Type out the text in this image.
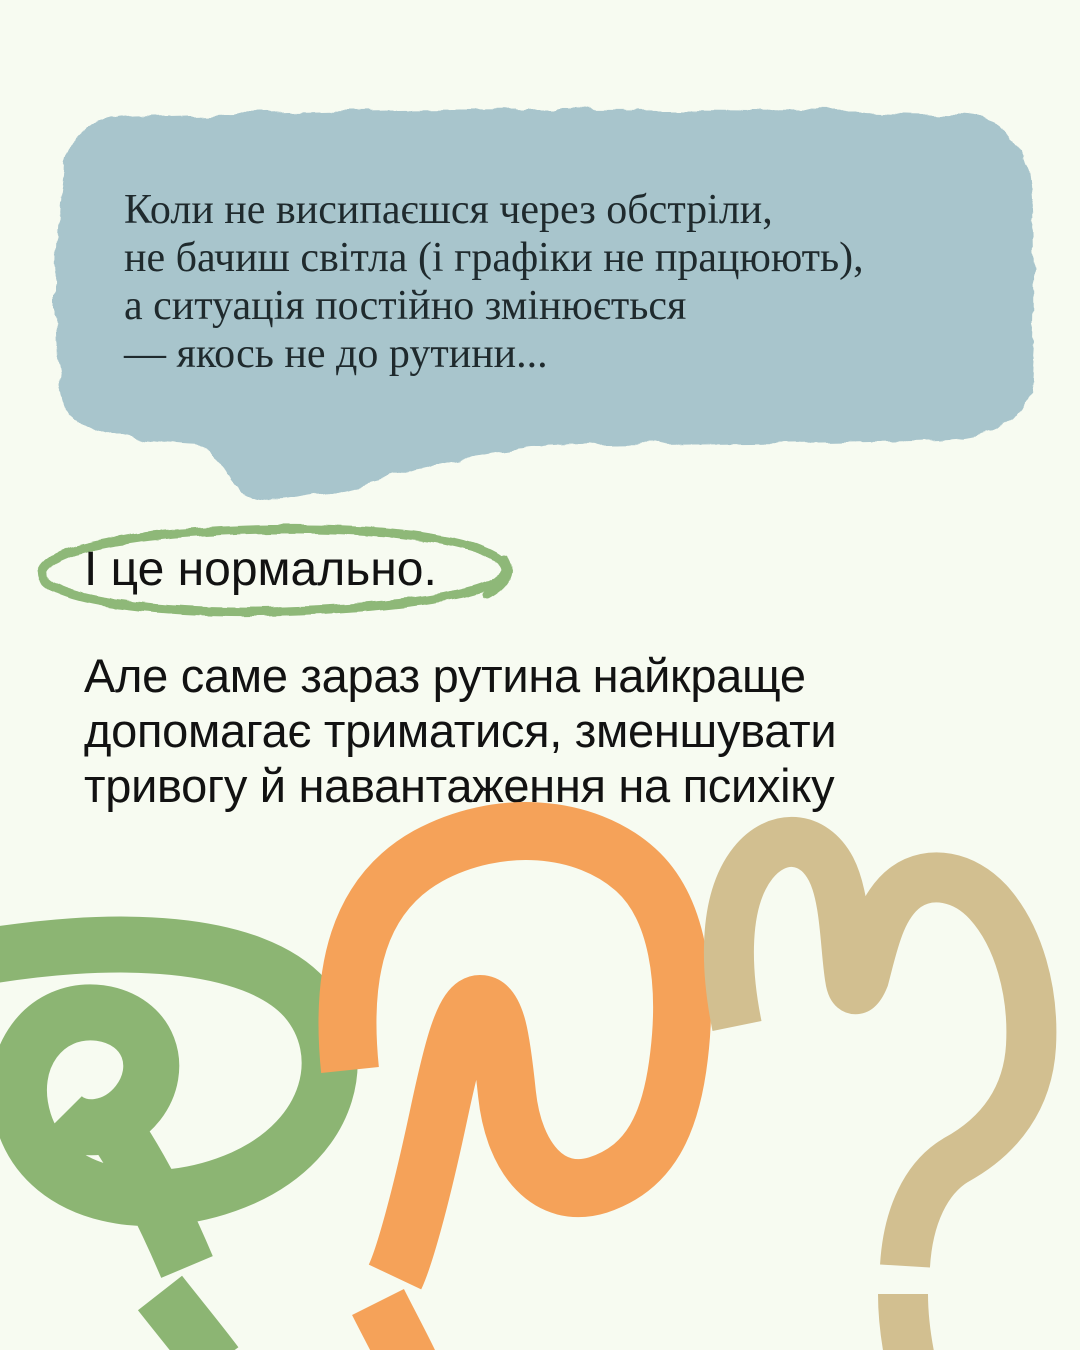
Коли не висипаєшся через обстріли,
не бачиш світла (і графіки не працюють),
а ситуація постійно змінюється
— якось не до рутини...
І це нормально.
Але саме зараз рутина найкраще
допомагає триматися, зменшувати
тривогу й навантаження на психіку
